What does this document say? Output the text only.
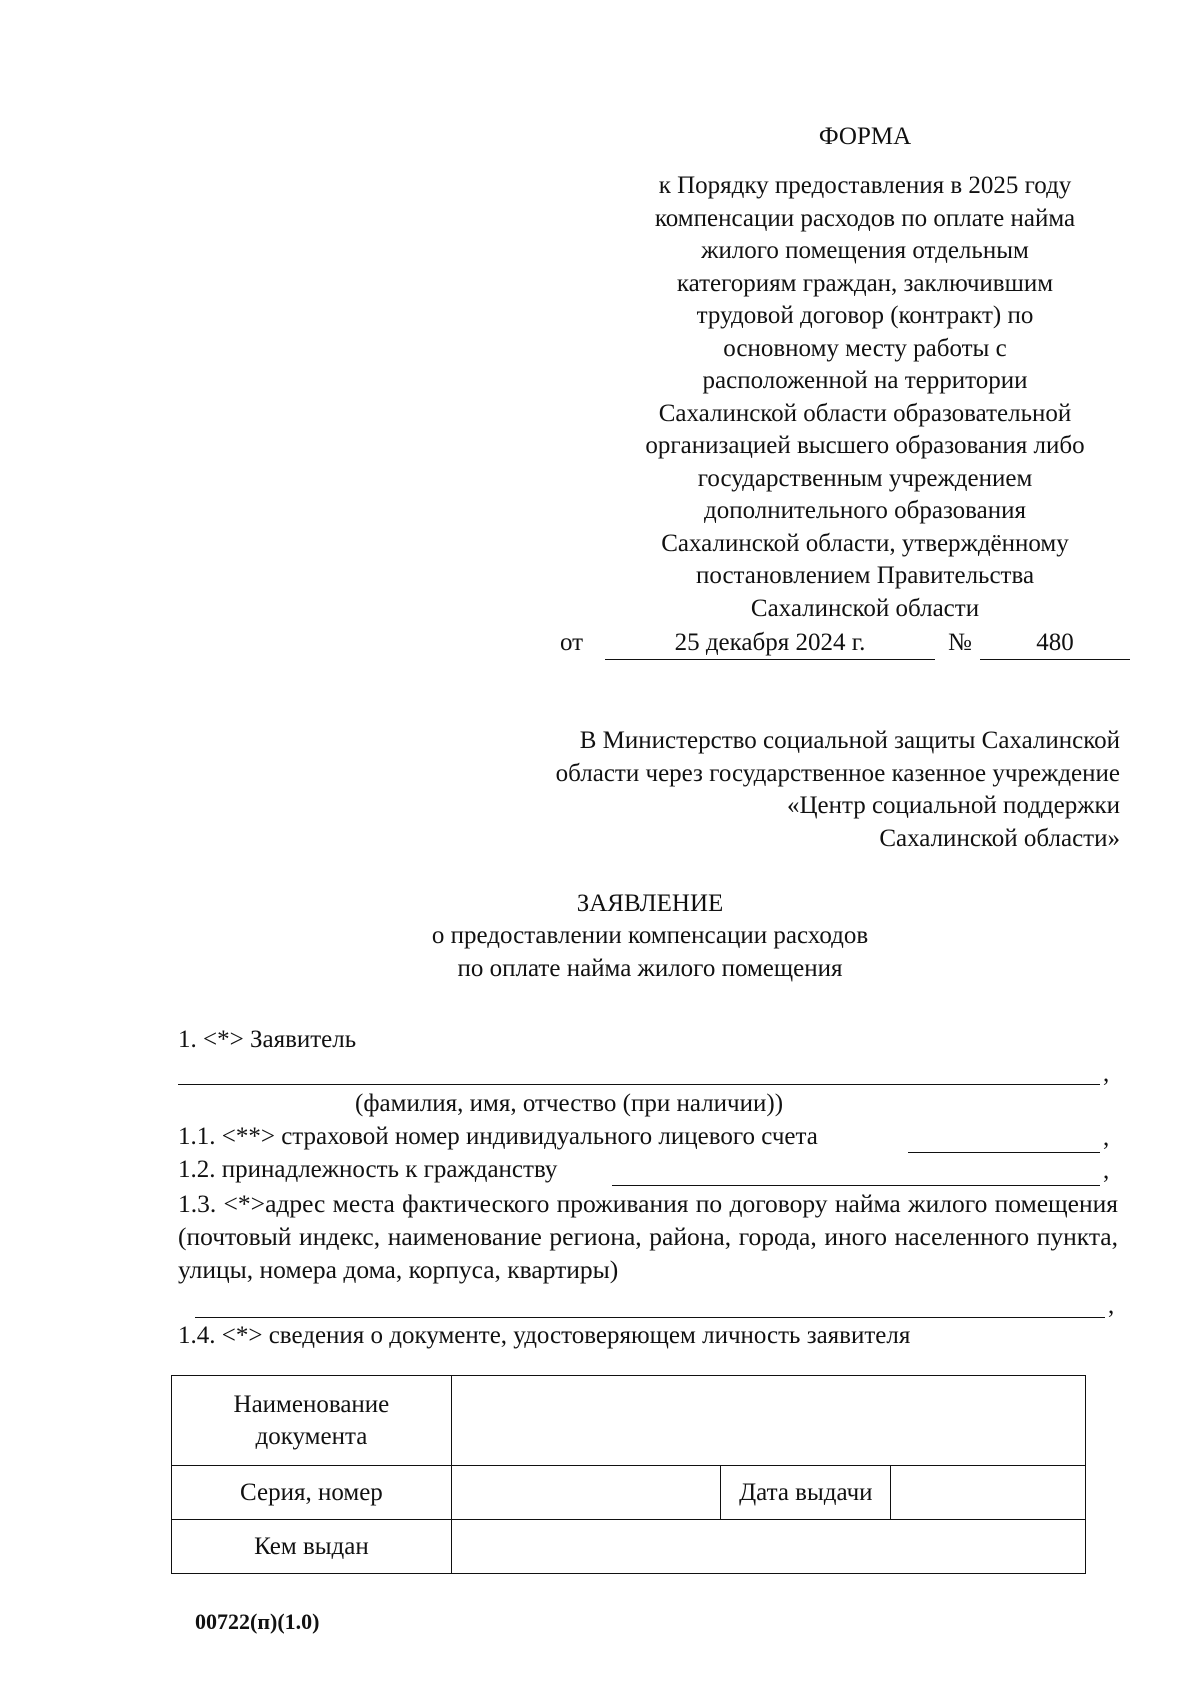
ФОРМА
к Порядку предоставления в 2025 году
компенсации расходов по оплате найма
жилого помещения отдельным
категориям граждан, заключившим
трудовой договор (контракт) по
основному месту работы с
расположенной на территории
Сахалинской области образовательной
организацией высшего образования либо
государственным учреждением
дополнительного образования
Сахалинской области, утверждённому
постановлением Правительства
Сахалинской области
от	25 декабря 2024 г.	№	480
В Министерство социальной защиты Сахалинской
области через государственное казенное учреждение
«Центр социальной поддержки
Сахалинской области»
ЗАЯВЛЕНИЕ
о предоставлении компенсации расходов
по оплате найма жилого помещения
1. <*> Заявитель
,
(фамилия, имя, отчество (при наличии))
1.1. <**> страховой номер индивидуального лицевого счета	,
1.2. принадлежность к гражданству	,
1.3. <*>адрес места фактического проживания по договору найма жилого помещения (почтовый индекс, наименование региона, района, города, иного населенного пункта, улицы, номера дома, корпуса, квартиры)
,
1.4. <*> сведения о документе, удостоверяющем личность заявителя
Наименование документа			
Серия, номер		Дата выдачи	
Кем выдан			
00722(п)(1.0)
